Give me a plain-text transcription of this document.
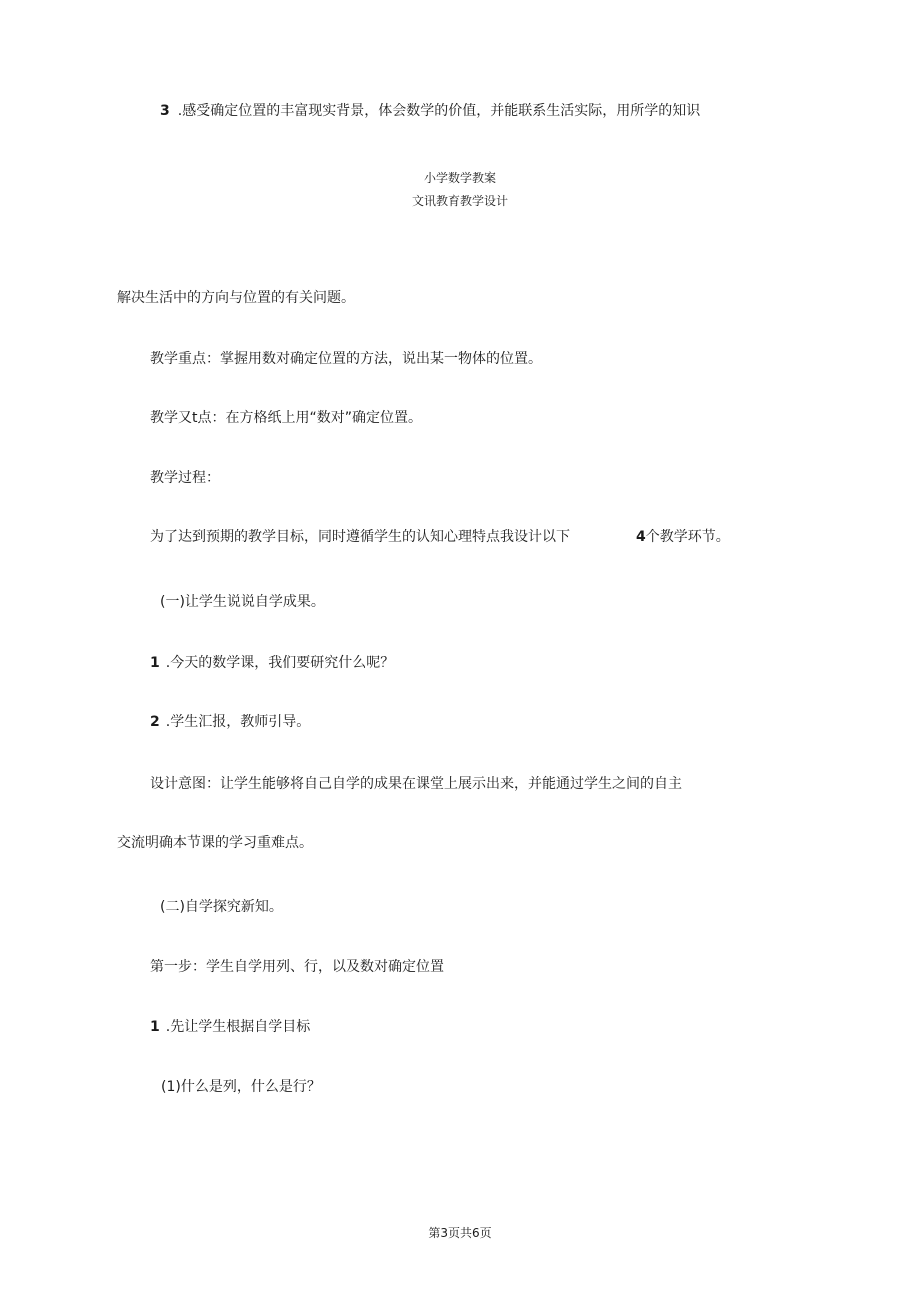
3 .感受确定位置的丰富现实背景，体会数学的价值，并能联系生活实际，用所学的知识
小学数学教案
文讯教育教学设计
解决生活中的方向与位置的有关问题。
教学重点：掌握用数对确定位置的方法，说出某一物体的位置。
教学又t点：在方格纸上用“数对”确定位置。
教学过程：
为了达到预期的教学目标，同时遵循学生的认知心理特点我设计以下	4个教学环节。
(一)让学生说说自学成果。
1 .今天的数学课，我们要研究什么呢？
2 .学生汇报，教师引导。
设计意图：让学生能够将自己自学的成果在课堂上展示出来，并能通过学生之间的自主
交流明确本节课的学习重难点。
(二)自学探究新知。
第一步：学生自学用列、行，以及数对确定位置
1 .先让学生根据自学目标
(1)什么是列，什么是行？
第3页共6页
